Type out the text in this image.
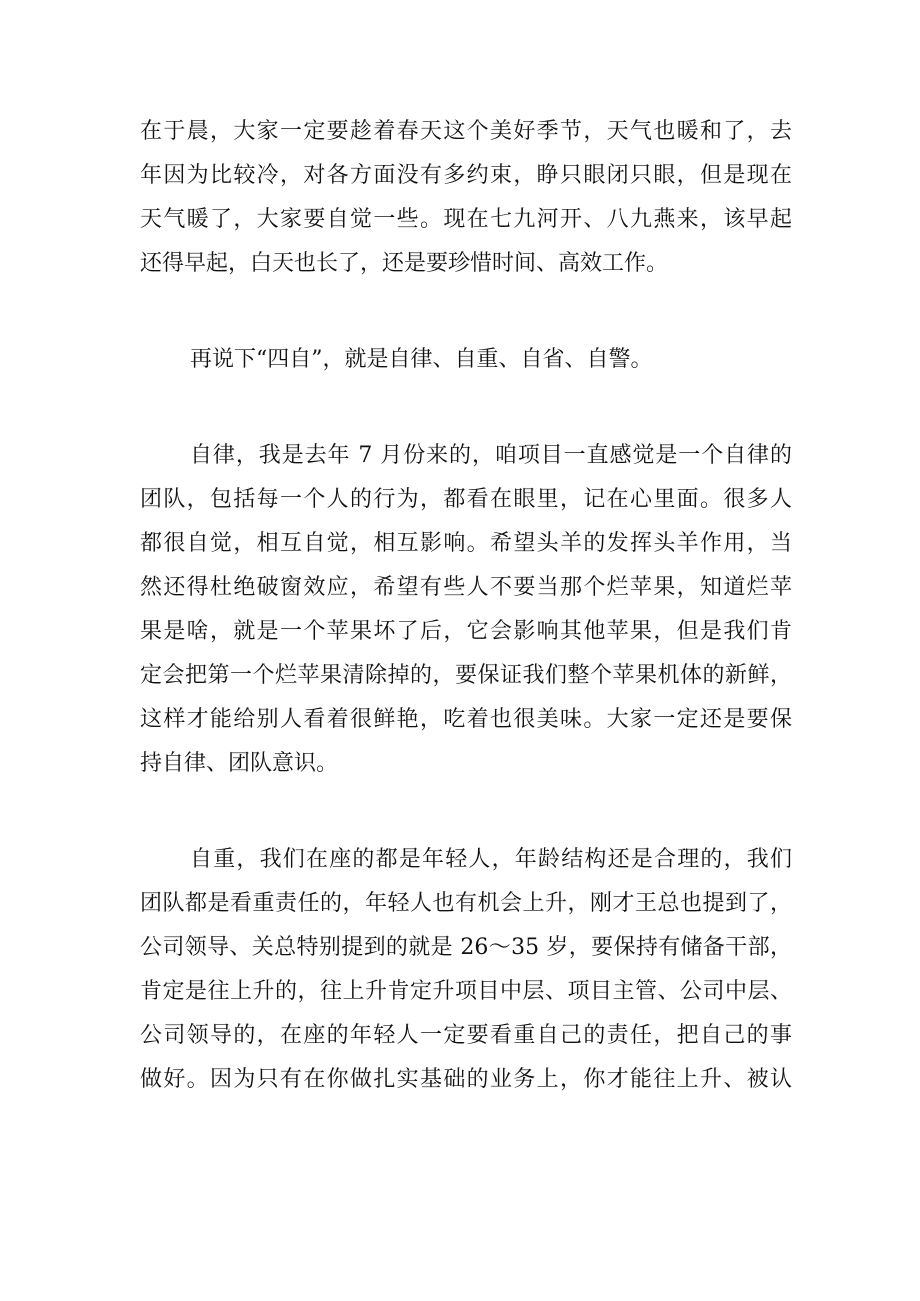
在于晨，大家一定要趁着春天这个美好季节，天气也暖和了，去
年因为比较冷，对各方面没有多约束，睁只眼闭只眼，但是现在
天气暖了，大家要自觉一些。现在七九河开、八九燕来，该早起
还得早起，白天也长了，还是要珍惜时间、高效工作。
再说下“四自”，就是自律、自重、自省、自警。
自律，我是去年 7 月份来的，咱项目一直感觉是一个自律的
团队，包括每一个人的行为，都看在眼里，记在心里面。很多人
都很自觉，相互自觉，相互影响。希望头羊的发挥头羊作用，当
然还得杜绝破窗效应，希望有些人不要当那个烂苹果，知道烂苹
果是啥，就是一个苹果坏了后，它会影响其他苹果，但是我们肯
定会把第一个烂苹果清除掉的，要保证我们整个苹果机体的新鲜，
这样才能给别人看着很鲜艳，吃着也很美味。大家一定还是要保
持自律、团队意识。
自重，我们在座的都是年轻人，年龄结构还是合理的，我们
团队都是看重责任的，年轻人也有机会上升，刚才王总也提到了，
公司领导、关总特别提到的就是 26～35 岁，要保持有储备干部，
肯定是往上升的，往上升肯定升项目中层、项目主管、公司中层、
公司领导的，在座的年轻人一定要看重自己的责任，把自己的事
做好。因为只有在你做扎实基础的业务上，你才能往上升、被认
